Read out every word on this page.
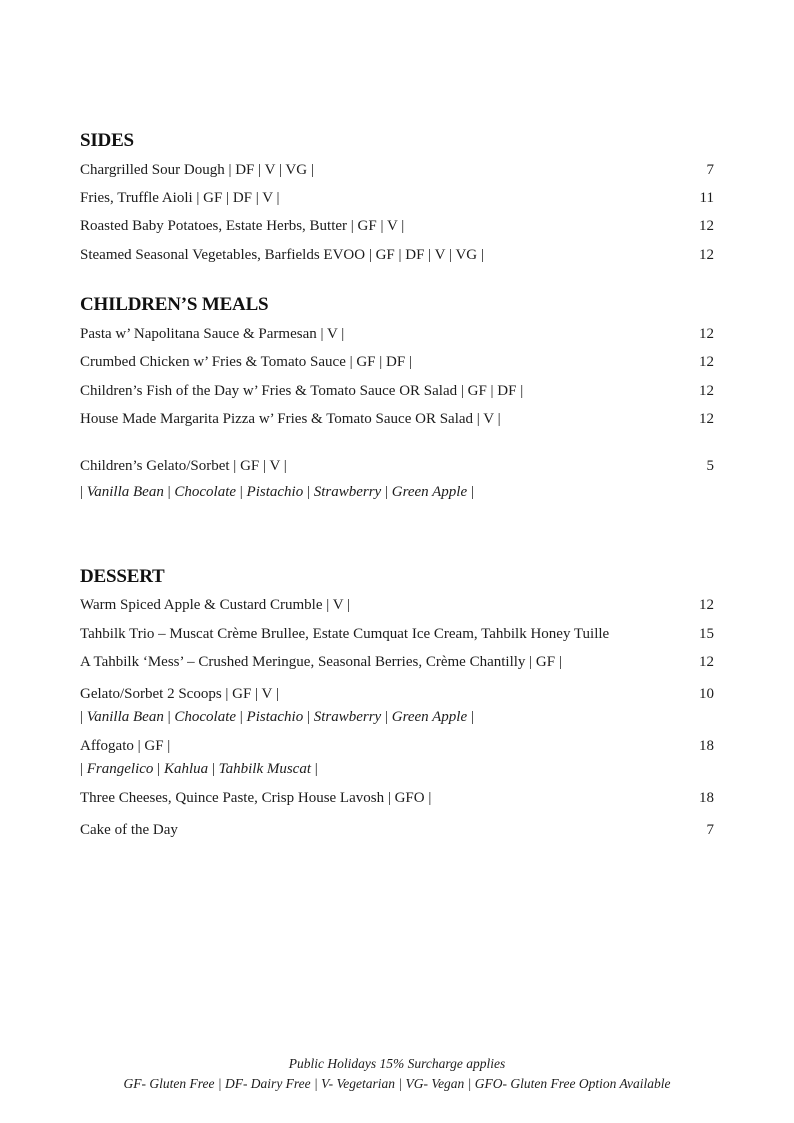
SIDES
Chargrilled Sour Dough | DF | V | VG |	7
Fries, Truffle Aioli | GF | DF | V |	11
Roasted Baby Potatoes, Estate Herbs, Butter | GF | V |	12
Steamed Seasonal Vegetables, Barfields EVOO | GF | DF | V | VG |	12
CHILDREN’S MEALS
Pasta w’ Napolitana Sauce & Parmesan | V |	12
Crumbed Chicken w’ Fries & Tomato Sauce | GF | DF |	12
Children’s Fish of the Day w’ Fries & Tomato Sauce OR Salad | GF | DF |	12
House Made Margarita Pizza w’ Fries & Tomato Sauce OR Salad | V |	12
Children’s Gelato/Sorbet | GF | V |	5
| Vanilla Bean | Chocolate | Pistachio | Strawberry | Green Apple |
DESSERT
Warm Spiced Apple & Custard Crumble | V |	12
Tahbilk Trio – Muscat Crème Brullee, Estate Cumquat Ice Cream, Tahbilk Honey Tuille	15
A Tahbilk ‘Mess’ – Crushed Meringue, Seasonal Berries, Crème Chantilly | GF |	12
Gelato/Sorbet 2 Scoops | GF | V |	10
| Vanilla Bean | Chocolate | Pistachio | Strawberry | Green Apple |
Affogato | GF |	18
| Frangelico | Kahlua | Tahbilk Muscat |
Three Cheeses, Quince Paste, Crisp House Lavosh | GFO |	18
Cake of the Day	7
Public Holidays 15% Surcharge applies
GF- Gluten Free | DF- Dairy Free | V- Vegetarian | VG- Vegan | GFO- Gluten Free Option Available
